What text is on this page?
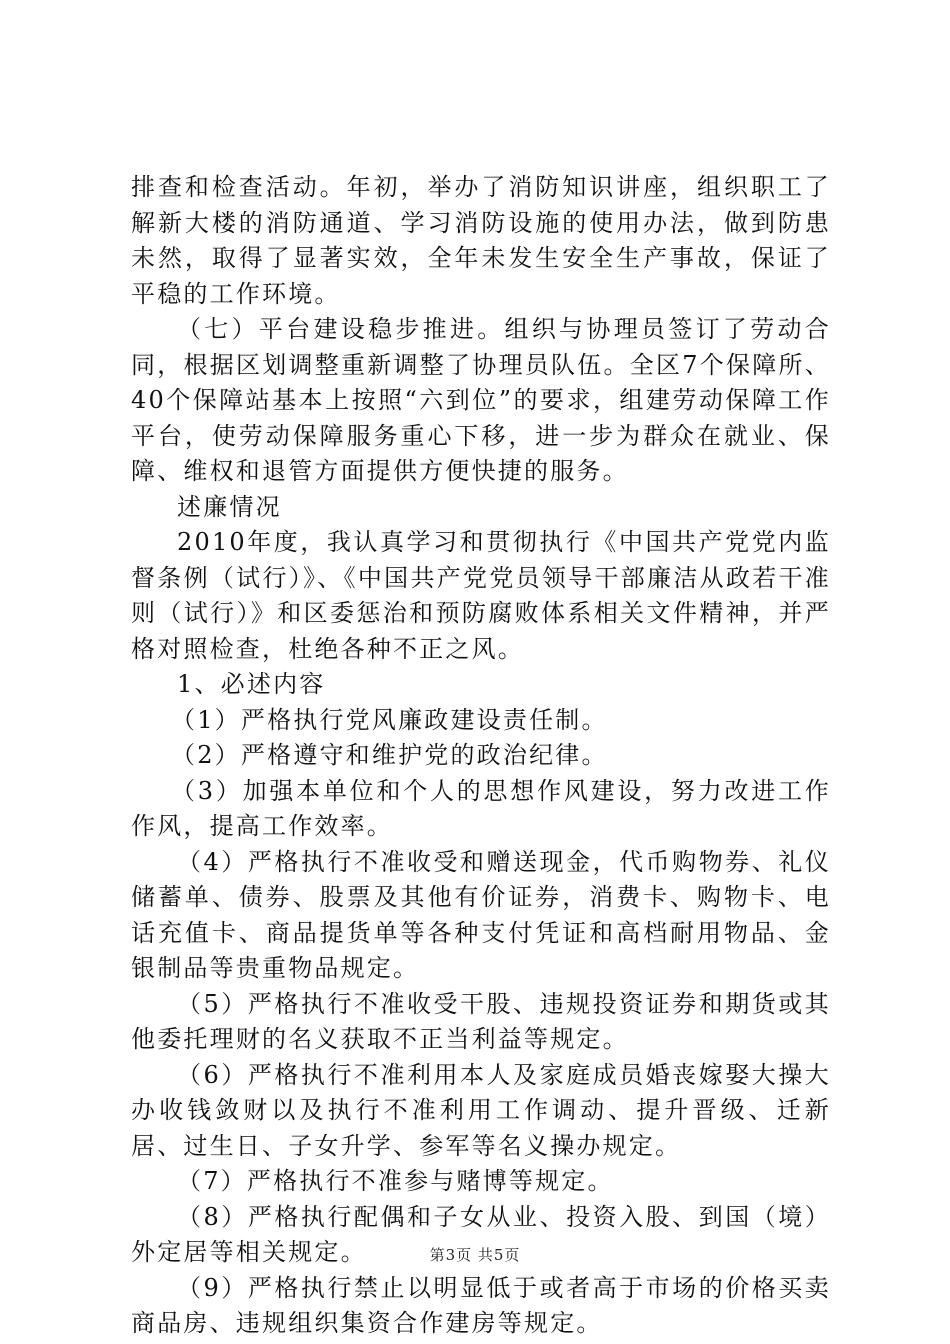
排查和检查活动。年初，举办了消防知识讲座，组织职工了解新大楼的消防通道、学习消防设施的使用办法，做到防患未然，取得了显著实效，全年未发生安全生产事故，保证了平稳的工作环境。

（七）平台建设稳步推进。组织与协理员签订了劳动合同，根据区划调整重新调整了协理员队伍。全区7个保障所、40个保障站基本上按照“六到位”的要求，组建劳动保障工作平台，使劳动保障服务重心下移，进一步为群众在就业、保障、维权和退管方面提供方便快捷的服务。

述廉情况

2010年度，我认真学习和贯彻执行《中国共产党党内监督条例（试行）》、《中国共产党党员领导干部廉洁从政若干准则（试行）》和区委惩治和预防腐败体系相关文件精神，并严格对照检查，杜绝各种不正之风。

1、必述内容

（1）严格执行党风廉政建设责任制。

（2）严格遵守和维护党的政治纪律。

（3）加强本单位和个人的思想作风建设，努力改进工作作风，提高工作效率。

（4）严格执行不准收受和赠送现金，代币购物券、礼仪储蓄单、债券、股票及其他有价证券，消费卡、购物卡、电话充值卡、商品提货单等各种支付凭证和高档耐用物品、金银制品等贵重物品规定。

（5）严格执行不准收受干股、违规投资证券和期货或其他委托理财的名义获取不正当利益等规定。

（6）严格执行不准利用本人及家庭成员婚丧嫁娶大操大办收钱敛财以及执行不准利用工作调动、提升晋级、迁新居、过生日、子女升学、参军等名义操办规定。

（7）严格执行不准参与赌博等规定。

（8）严格执行配偶和子女从业、投资入股、到国（境）外定居等相关规定。

（9）严格执行禁止以明显低于或者高于市场的价格买卖商品房、违规组织集资合作建房等规定。

第3页 共5页
